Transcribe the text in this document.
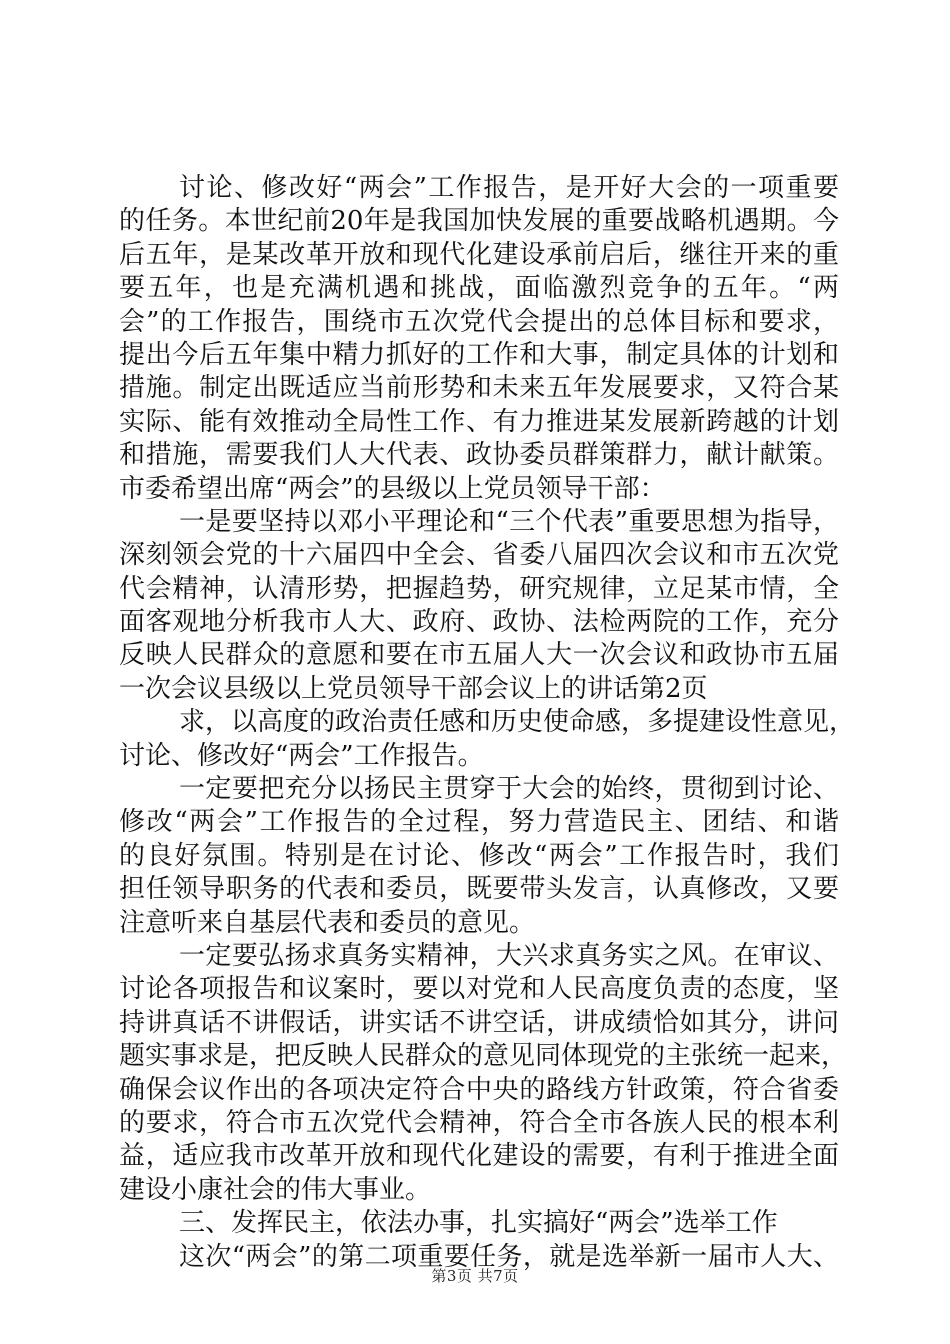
讨论、修改好“两会”工作报告，是开好大会的一项重要
的任务。本世纪前20年是我国加快发展的重要战略机遇期。今
后五年，是某改革开放和现代化建设承前启后，继往开来的重
要五年，也是充满机遇和挑战，面临激烈竞争的五年。“两
会”的工作报告，围绕市五次党代会提出的总体目标和要求，
提出今后五年集中精力抓好的工作和大事，制定具体的计划和
措施。制定出既适应当前形势和未来五年发展要求，又符合某
实际、能有效推动全局性工作、有力推进某发展新跨越的计划
和措施，需要我们人大代表、政协委员群策群力，献计献策。
市委希望出席“两会”的县级以上党员领导干部：
一是要坚持以邓小平理论和“三个代表”重要思想为指导，
深刻领会党的十六届四中全会、省委八届四次会议和市五次党
代会精神，认清形势，把握趋势，研究规律，立足某市情，全
面客观地分析我市人大、政府、政协、法检两院的工作，充分
反映人民群众的意愿和要在市五届人大一次会议和政协市五届
一次会议县级以上党员领导干部会议上的讲话第2页
求，以高度的政治责任感和历史使命感，多提建设性意见，
讨论、修改好“两会”工作报告。
一定要把充分以扬民主贯穿于大会的始终，贯彻到讨论、
修改“两会”工作报告的全过程，努力营造民主、团结、和谐
的良好氛围。特别是在讨论、修改“两会”工作报告时，我们
担任领导职务的代表和委员，既要带头发言，认真修改，又要
注意听来自基层代表和委员的意见。
一定要弘扬求真务实精神，大兴求真务实之风。在审议、
讨论各项报告和议案时，要以对党和人民高度负责的态度，坚
持讲真话不讲假话，讲实话不讲空话，讲成绩恰如其分，讲问
题实事求是，把反映人民群众的意见同体现党的主张统一起来，
确保会议作出的各项决定符合中央的路线方针政策，符合省委
的要求，符合市五次党代会精神，符合全市各族人民的根本利
益，适应我市改革开放和现代化建设的需要，有利于推进全面
建设小康社会的伟大事业。
三、发挥民主，依法办事，扎实搞好“两会”选举工作
这次“两会”的第二项重要任务，就是选举新一届市人大、
第3页 共7页
